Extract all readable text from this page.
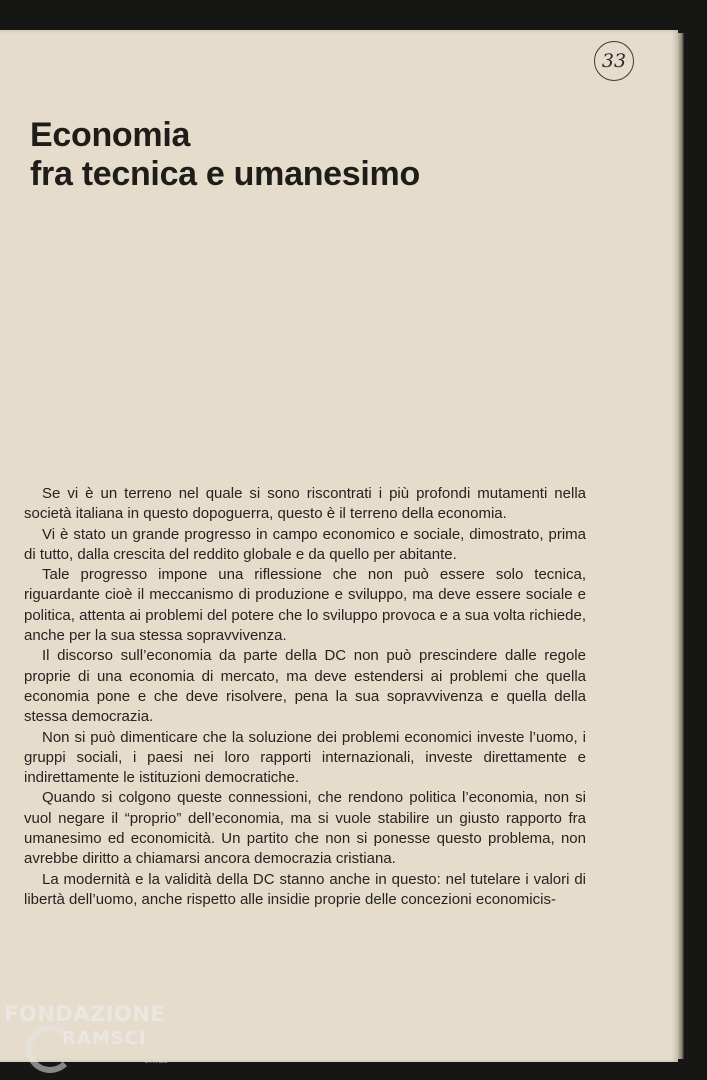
33
Economia
fra tecnica e umanesimo

Se vi è un terreno nel quale si sono riscontrati i più profondi mutamenti nella società italiana in questo dopoguerra, questo è il terreno della economia.

Vi è stato un grande progresso in campo economico e sociale, dimostrato, prima di tutto, dalla crescita del reddito globale e da quello per abitante.

Tale progresso impone una riflessione che non può essere solo tecnica, riguardante cioè il meccanismo di produzione e sviluppo, ma deve essere sociale e politica, attenta ai problemi del potere che lo sviluppo provoca e a sua volta richiede, anche per la sua stessa sopravvivenza.

Il discorso sull’economia da parte della DC non può prescindere dalle regole proprie di una economia di mercato, ma deve estendersi ai problemi che quella economia pone e che deve risolvere, pena la sua sopravvivenza e quella della stessa democrazia.

Non si può dimenticare che la soluzione dei problemi economici investe l’uomo, i gruppi sociali, i paesi nei loro rapporti internazionali, investe direttamente e indirettamente le istituzioni democratiche.

Quando si colgono queste connessioni, che rendono politica l’economia, non si vuol negare il “proprio” dell’economia, ma si vuole stabilire un giusto rapporto fra umanesimo ed economicità. Un partito che non si ponesse questo problema, non avrebbe diritto a chiamarsi ancora democrazia cristiana.

La modernità e la validità della DC stanno anche in questo: nel tutelare i valori di libertà dell’uomo, anche rispetto alle insidie proprie delle concezioni economicis-

FONDAZIONE
RAMSCI
onlus
